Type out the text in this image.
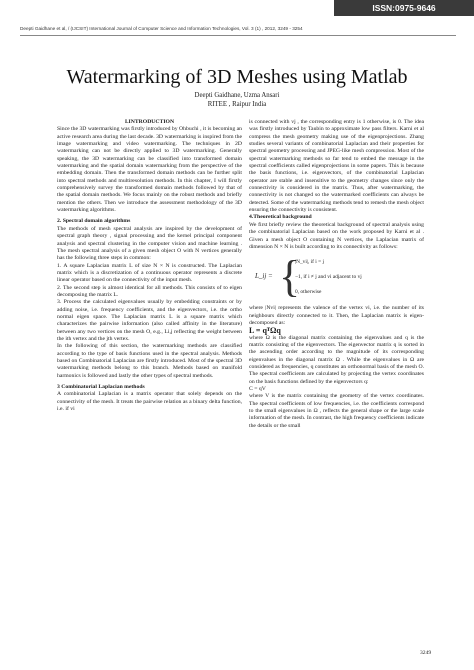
ISSN:0975-9646
Deepti Gaidhane et al, / (IJCSIT) International Journal of Computer Science and Information Technologies, Vol. 3 (1) , 2012, 3249 - 3254
Watermarking of 3D Meshes using Matlab
Deepti Gaidhane, Uzma Ansari
RITEE , Raipur India

I.INTRODUCTION

Since the 3D watermarking was firstly introduced by Ohbuchi , it is becoming an active research area during the last decade. 3D watermarking is inspired from the image watermarking and video watermarking. The techniques in 2D watermarking can not be directly applied to 3D watermarking. Generally speaking, the 3D watermarking can be classified into transformed domain watermarking and the spatial domain watermarking from the perspective of the embedding domain. Then the transformed domain methods can be further split into spectral methods and multiresolution methods. In this chapter, I will firstly comprehensively survey the transformed domain methods followed by that of the spatial domain methods. We focus mainly on the robust methods and briefly mention the others. Then we introduce the assessment methodology of the 3D watermarking algorithms.

2. Spectral domain algorithms

The methods of mesh spectral analysis are inspired by the development of spectral graph theory , signal processing and the kernel principal component analysis and spectral clustering in the computer vision and machine learning . The mesh spectral analysis of a given mesh object O with N vertices generally has the following three steps in common:

1. A square Laplacian matrix L of size N × N is constructed. The Laplacian matrix which is a discretization of a continuous operator represents a discrete linear operator based on the connectivity of the input mesh.

2. The second step is almost identical for all methods. This consists of to eigen decomposing the matrix L.

3. Process the calculated eigenvalues usually by embedding constraints or by adding noise, i.e. frequency coefficients, and the eigenvectors, i.e. the ortho normal eigen space. The Laplacian matrix L is a square matrix which characterizes the pairwise information (also called affinity in the literature) between any two vertices on the mesh O, e.g., Li,j reflecting the weight between the ith vertex and the jth vertex.

In the following of this section, the watermarking methods are classified according to the type of basis functions used in the spectral analysis. Methods based on Combinatorial Laplacian are firstly introduced. Most of the spectral 3D watermarking methods belong to this branch. Methods based on manifold harmonics is followed and lastly the other types of spectral methods.

3 Combinatorial Laplacian methods

A combinatorial Laplacian is a matrix operator that solely depends on the connectivity of the mesh. It treats the pairwise relation as a binary delta function, i.e. if vi

is connected with vj , the corresponding entry is 1 otherwise, is 0. The idea was firstly introduced by Taubin to approximate low pass filters. Karni et al compress the mesh geometry making use of the eigenprojections. Zhang studies several variants of combinatorial Laplacian and their properties for spectral geometry processing and JPEG-like mesh compression. Most of the spectral watermarking methods so far tend to embed the message in the spectral coefficients called eigenprojections in some papers. This is because the basis functions, i.e. eigenvectors, of the combinatorial Laplacian operator are stable and insensitive to the geometry changes since only the connectivity is considered in the matrix. Thus, after watermarking, the connectivity is not changed so the watermarked coefficients can always be detected. Some of the watermarking methods tend to remesh the mesh object ensuring the connectivity is consistent.

4.Theoretical background

We first briefly review the theoretical background of spectral analysis using the combinatorial Laplacian based on the work proposed by Karni et al . Given a mesh object O containing N vertices, the Laplacian matrix of dimension N × N is built according to its connectivity as follows:

L_ij = {
|N_vi|, if i = j
−1, if i ≠ j and vi adjacent to vj
0, otherwise

where |Nvi| represents the valence of the vertex vi, i.e. the number of its neighbours directly connected to it. Then, the Laplacian matrix is eigen-decomposed as:

L = qᵀΩq

where Ω is the diagonal matrix containing the eigenvalues and q is the matrix consisting of the eigenvectors. The eigenvector matrix q is sorted in the ascending order according to the magnitude of its corresponding eigenvalues in the diagonal matrix Ω . While the eigenvalues in Ω are considered as frequencies, q constitutes an orthonormal basis of the mesh O. The spectral coefficients are calculated by projecting the vertex coordinates on the basis functions defined by the eigenvectors q:

C = qV

where V is the matrix containing the geometry of the vertex coordinates. The spectral coefficients of low frequencies, i.e. the coefficients correspond to the small eigenvalues in Ω , reflects the general shape or the large scale information of the mesh. In contrast, the high frequency coefficients indicate the details or the small

3249
